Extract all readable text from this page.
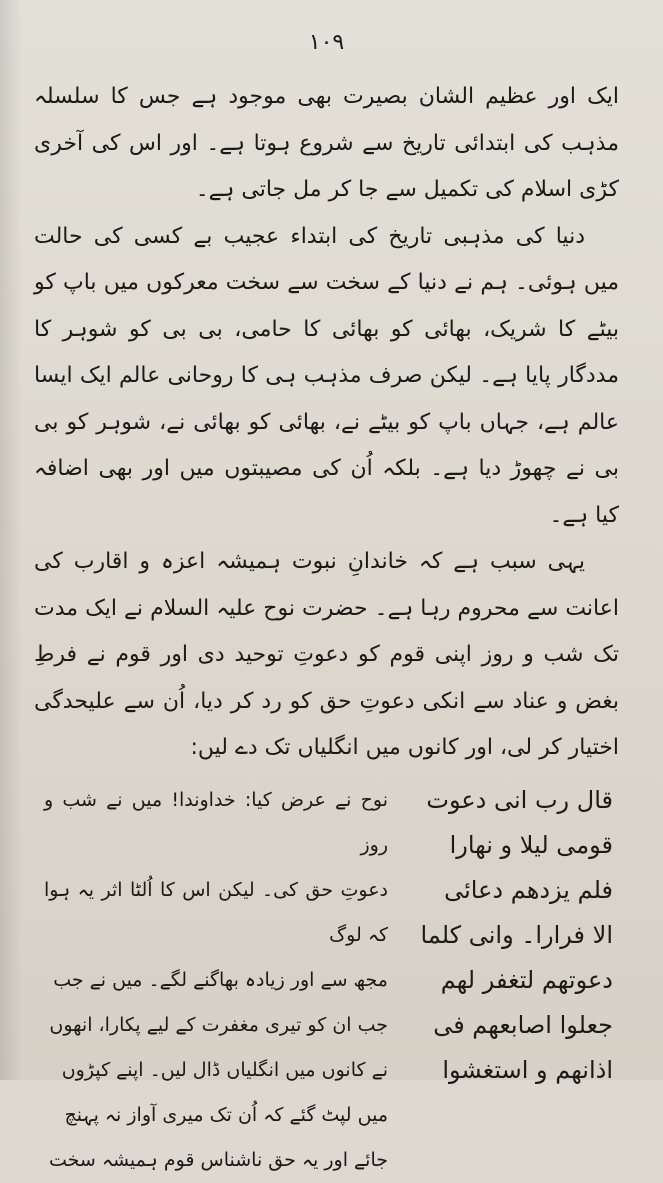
۱۰۹

ایک اور عظیم الشان بصیرت بھی موجود ہے جس کا سلسلہ مذہب کی ابتدائی تاریخ سے شروع ہوتا ہے۔ اور اس کی آخری کڑی اسلام کی تکمیل سے جا کر مل جاتی ہے۔

دنیا کی مذہبی تاریخ کی ابتداء عجیب بے کسی کی حالت میں ہوئی۔ ہم نے دنیا کے سخت سے سخت معرکوں میں باپ کو بیٹے کا شریک، بھائی کو بھائی کا حامی، بی بی کو شوہر کا مددگار پایا ہے۔ لیکن صرف مذہب ہی کا روحانی عالم ایک ایسا عالم ہے، جہاں باپ کو بیٹے نے، بھائی کو بھائی نے، شوہر کو بی بی نے چھوڑ دیا ہے۔ بلکہ اُن کی مصیبتوں میں اور بھی اضافہ کیا ہے۔

یہی سبب ہے کہ خاندانِ نبوت ہمیشہ اعزہ و اقارب کی اعانت سے محروم رہا ہے۔ حضرت نوح علیہ السلام نے ایک مدت تک شب و روز اپنی قوم کو دعوتِ توحید دی اور قوم نے فرطِ بغض و عناد سے انکی دعوتِ حق کو رد کر دیا، اُن سے علیحدگی اختیار کر لی، اور کانوں میں انگلیاں تک دے لیں:

قال رب انی دعوت
قومی لیلا و نھارا
فلم یزدھم دعائی
الا فرارا۔ وانی کلما
دعوتھم لتغفر لھم
جعلوا اصابعھم فی
اذانھم و استغشوا
نوح نے عرض کیا: خداوندا! میں نے شب و روز
دعوتِ حق کی۔ لیکن اس کا اُلٹا اثر یہ ہوا کہ لوگ
مجھ سے اور زیادہ بھاگنے لگے۔ میں نے جب
جب ان کو تیری مغفرت کے لیے پکارا، انھوں
نے کانوں میں انگلیاں ڈال لیں۔ اپنے کپڑوں
میں لپٹ گئے کہ اُن تک میری آواز نہ پہنچ
جائے اور یہ حق ناشناس قوم ہمیشہ سخت
